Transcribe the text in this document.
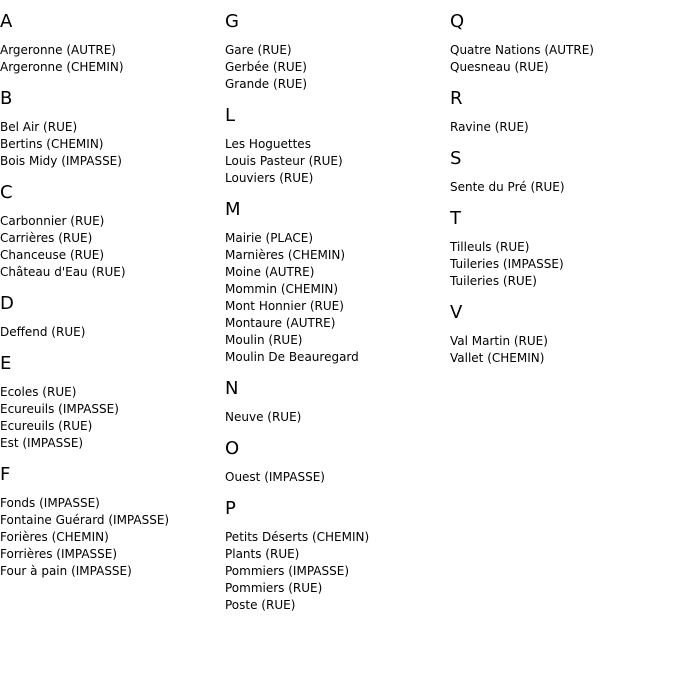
A
Argeronne (AUTRE)
Argeronne (CHEMIN)
B
Bel Air (RUE)
Bertins (CHEMIN)
Bois Midy (IMPASSE)
C
Carbonnier (RUE)
Carrières (RUE)
Chanceuse (RUE)
Château d'Eau (RUE)
D
Deffend (RUE)
E
Ecoles (RUE)
Ecureuils (IMPASSE)
Ecureuils (RUE)
Est (IMPASSE)
F
Fonds (IMPASSE)
Fontaine Guérard (IMPASSE)
Forières (CHEMIN)
Forrières (IMPASSE)
Four à pain (IMPASSE)
G
Gare (RUE)
Gerbée (RUE)
Grande (RUE)
L
Les Hoguettes
Louis Pasteur (RUE)
Louviers (RUE)
M
Mairie (PLACE)
Marnières (CHEMIN)
Moine (AUTRE)
Mommin (CHEMIN)
Mont Honnier (RUE)
Montaure (AUTRE)
Moulin (RUE)
Moulin De Beauregard
N
Neuve (RUE)
O
Ouest (IMPASSE)
P
Petits Déserts (CHEMIN)
Plants (RUE)
Pommiers (IMPASSE)
Pommiers (RUE)
Poste (RUE)
Q
Quatre Nations (AUTRE)
Quesneau (RUE)
R
Ravine (RUE)
S
Sente du Pré (RUE)
T
Tilleuls (RUE)
Tuileries (IMPASSE)
Tuileries (RUE)
V
Val Martin (RUE)
Vallet (CHEMIN)
